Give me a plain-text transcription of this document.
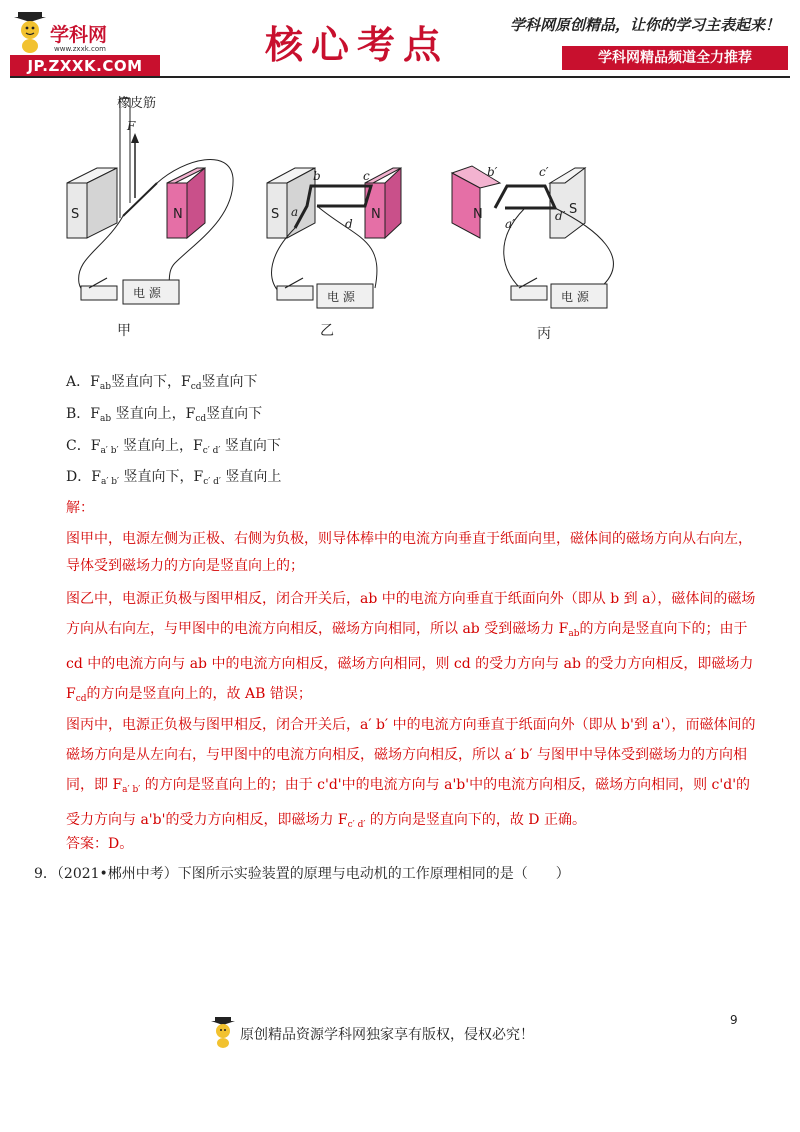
学科网
www.zxxk.com
JP.ZXXK.COM	核心考点	学科网原创精品，让你的学习主表起来！
学科网精品频道全力推荐
S	N
F
橡皮筋
电 源
甲
S	N
a
b	c
d
电 源
乙
N	S
a′
b′	c′
d′
电 源
丙
A．$F_{ab}$竖直向下，$F_{cd}$竖直向下
B．$F_{ab}$ 竖直向上，$F_{cd}$竖直向下
C．$F_{a' b'}$ 竖直向上，$F_{c' d'}$ 竖直向下
D．$F_{a' b'}$ 竖直向下，$F_{c' d'}$ 竖直向上
解：
图甲中，电源左侧为正极、右侧为负极，则导体棒中的电流方向垂直于纸面向里，磁体间的磁场方向从右向左，导体受到磁场力的方向是竖直向上的；
图乙中，电源正负极与图甲相反，闭合开关后，ab 中的电流方向垂直于纸面向外（即从 b 到 a），磁体间的磁场方向从右向左，与甲图中的电流方向相反，磁场方向相同，所以 ab 受到磁场力 $F_{ab}$的方向是竖直向下的；由于 cd 中的电流方向与 ab 中的电流方向相反，磁场方向相同，则 cd 的受力方向与 ab 的受力方向相反，即磁场力 $F_{cd}$的方向是竖直向上的，故 AB 错误；
图丙中，电源正负极与图甲相反，闭合开关后，a′ b′ 中的电流方向垂直于纸面向外（即从 b'到 a'），而磁体间的磁场方向是从左向右，与甲图中的电流方向相反，磁场方向相反，所以 a′ b′ 与图甲中导体受到磁场力的方向相同，即 $F_{a' b'}$ 的方向是竖直向上的；由于 c'd'中的电流方向与 a'b'中的电流方向相反，磁场方向相同，则 c'd'的受力方向与 a'b'的受力方向相反，即磁场力 $F_{c' d'}$ 的方向是竖直向下的，故 D 正确。
答案：D。
9．（2021•郴州中考）下图所示实验装置的原理与电动机的工作原理相同的是（　　）
9
原创精品资源学科网独家享有版权，侵权必究！
